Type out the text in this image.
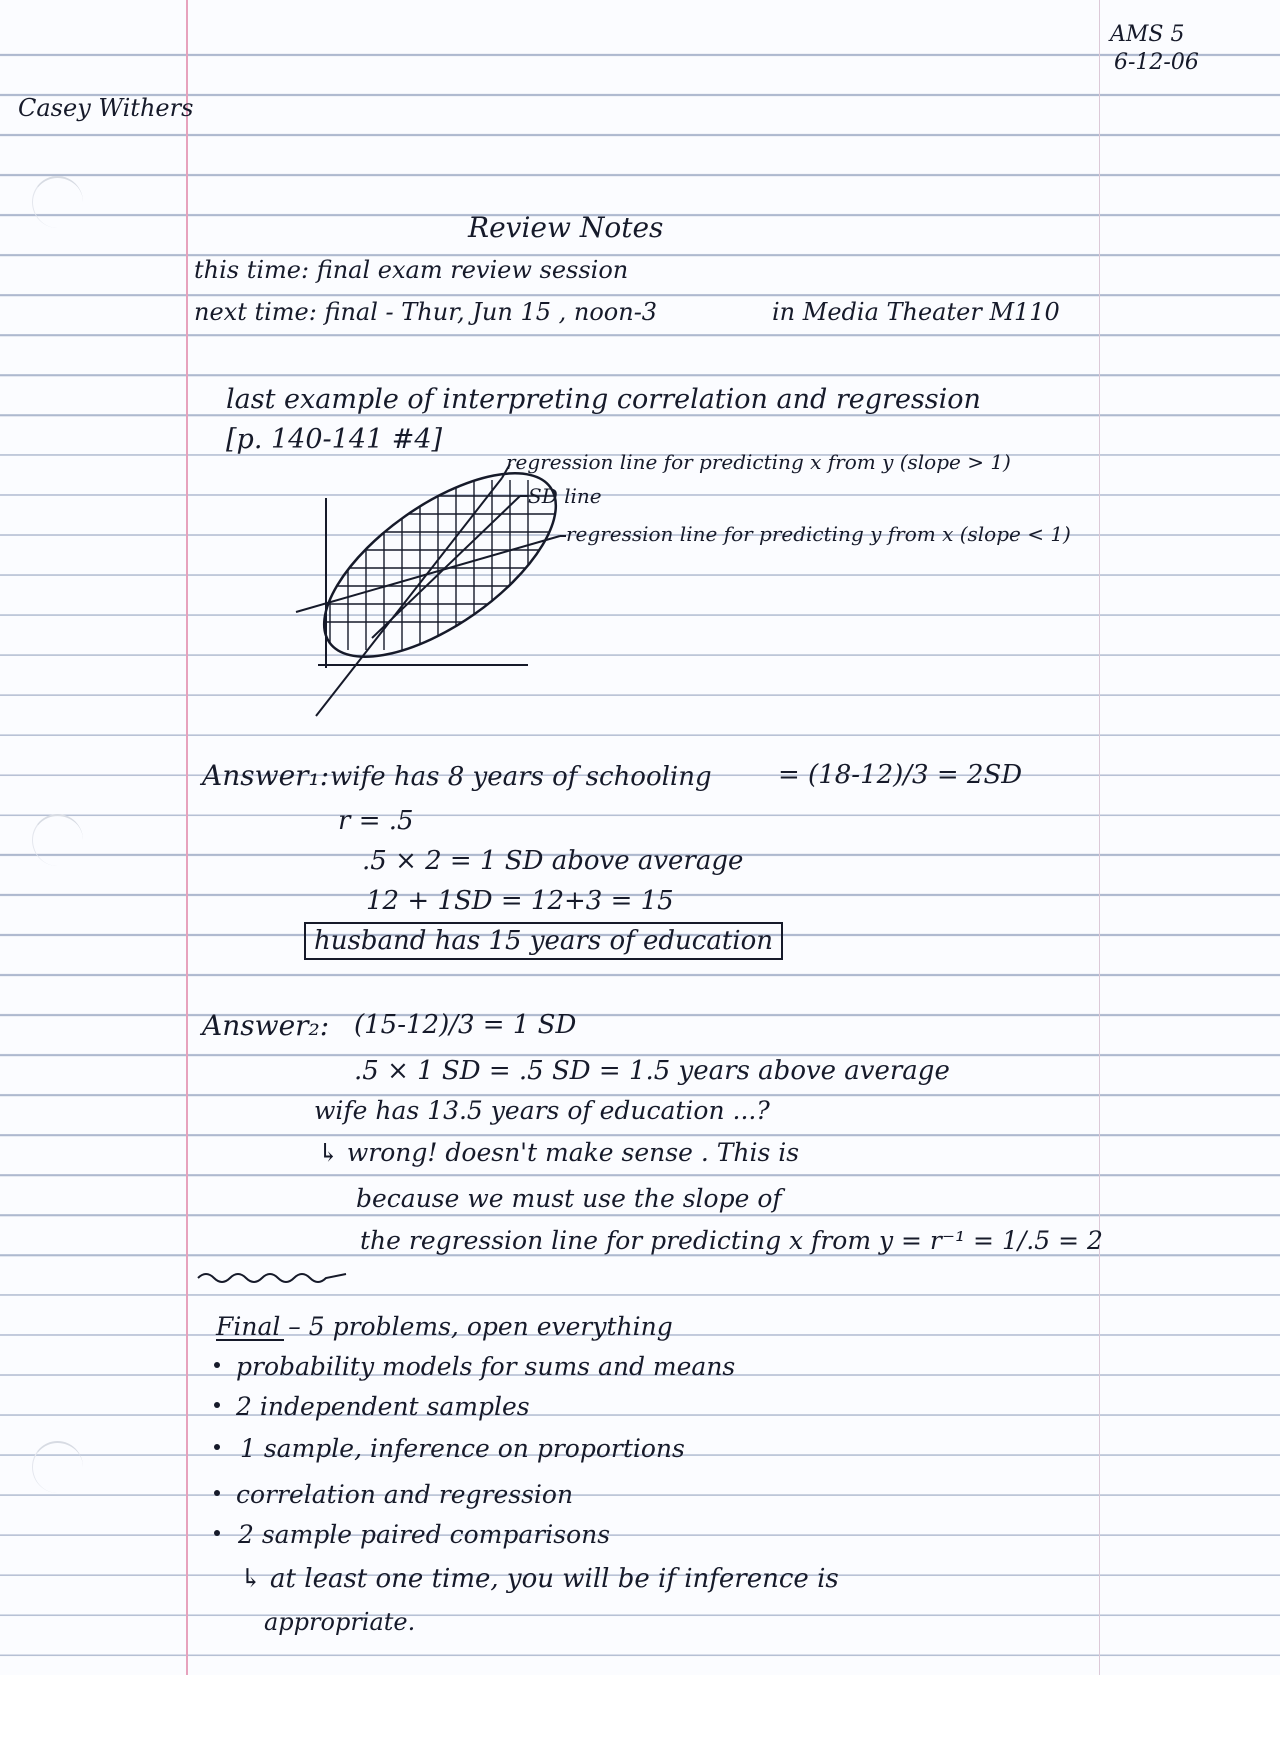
AMS 5
6-12-06
Casey Withers
Review Notes
this time: final exam review session
next time: final - Thur, Jun 15 , noon-3	in Media Theater M110
last example of interpreting correlation and regression
[p. 140-141 #4]
regression line for predicting x from y (slope > 1)
SD line
regression line for predicting y from x (slope < 1)
Answer₁: wife has 8 years of schooling	= (18-12)/3 = 2SD
r = .5
.5 × 2 = 1 SD above average
12 + 1SD = 12+3 = 15
husband has 15 years of education
Answer₂: (15-12)/3 = 1 SD
.5 × 1 SD = .5 SD = 1.5 years above average
wife has 13.5 years of education ...?
↳ wrong! doesn't make sense . This is
because we must use the slope of
the regression line for predicting x from y = r⁻¹ = 1/.5 = 2
Final – 5 problems, open everything
probability models for sums and means
2 independent samples
1 sample, inference on proportions
correlation and regression
2 sample paired comparisons
↳ at least one time, you will be if inference is
appropriate.
